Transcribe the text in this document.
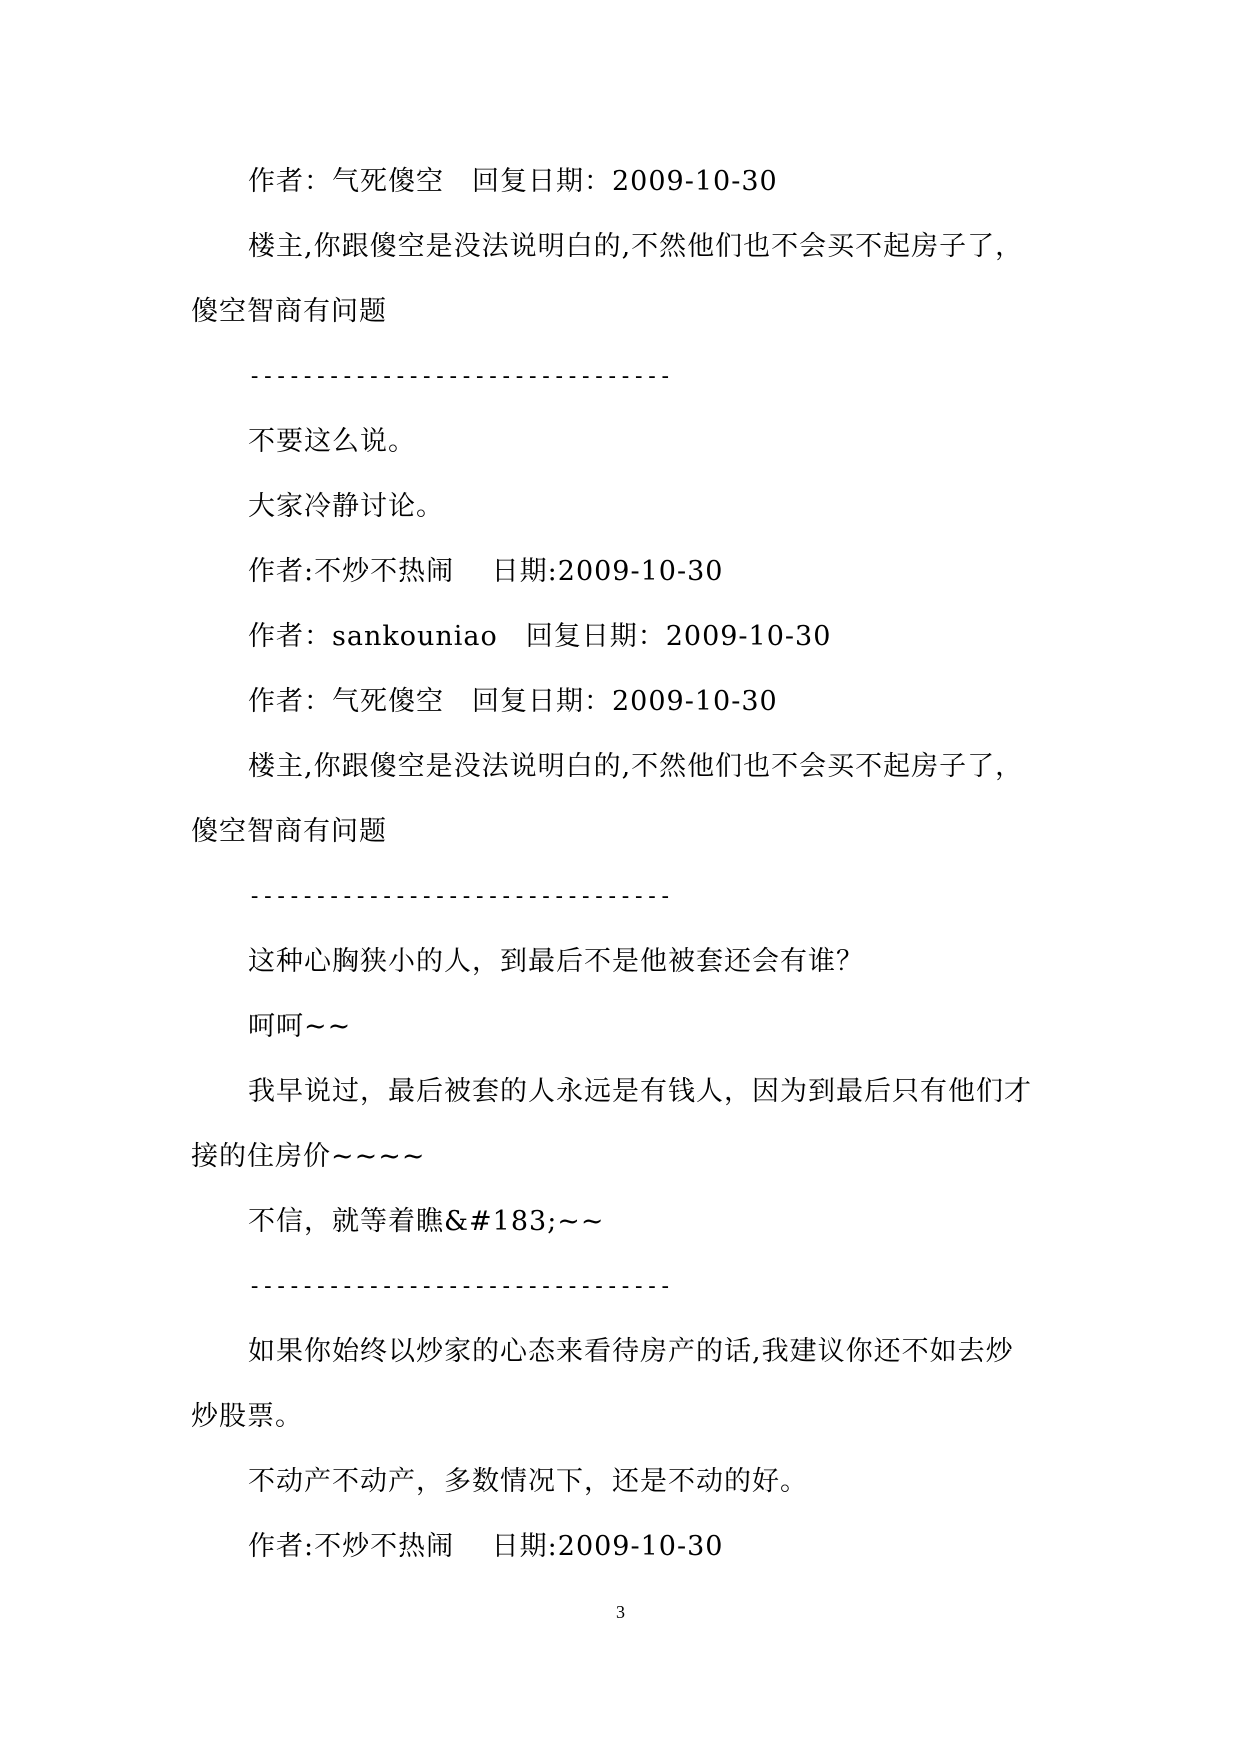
作者：气死傻空　回复日期：2009-10-30
楼主,你跟傻空是没法说明白的,不然他们也不会买不起房子了，
傻空智商有问题
--------------------------------
不要这么说。
大家冷静讨论。
作者:不炒不热闹　 日期:2009-10-30
作者：sankouniao　回复日期：2009-10-30
作者：气死傻空　回复日期：2009-10-30
楼主,你跟傻空是没法说明白的,不然他们也不会买不起房子了，
傻空智商有问题
--------------------------------
这种心胸狭小的人，到最后不是他被套还会有谁？
呵呵~~
我早说过，最后被套的人永远是有钱人，因为到最后只有他们才
接的住房价~~~~
不信，就等着瞧&#183;~~
--------------------------------
如果你始终以炒家的心态来看待房产的话,我建议你还不如去炒
炒股票。
不动产不动产，多数情况下，还是不动的好。
作者:不炒不热闹　 日期:2009-10-30
3
